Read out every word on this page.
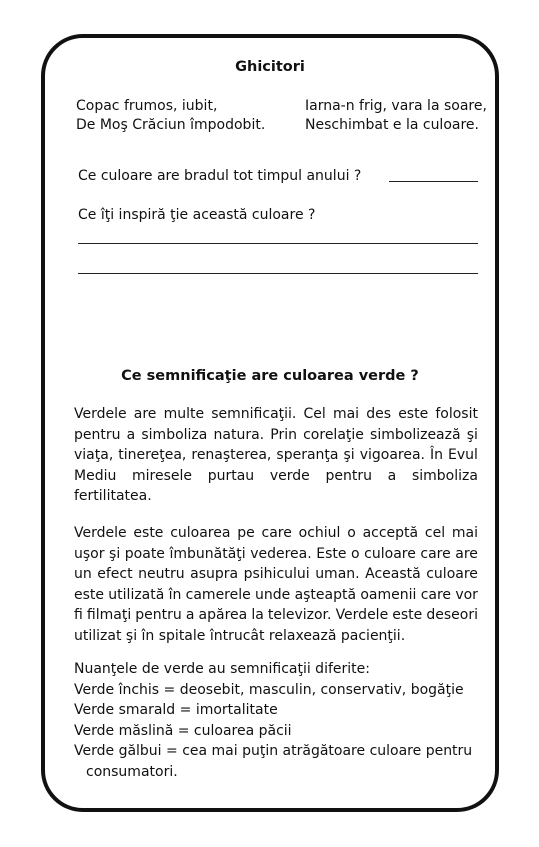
Ghicitori
Copac frumos, iubit,
De Moş Crăciun împodobit.
Iarna-n frig, vara la soare,
Neschimbat e la culoare.
Ce culoare are bradul tot timpul anului ?
Ce îţi inspiră ţie această culoare ?
Ce semnificaţie are culoarea verde ?
Verdele are multe semnificaţii. Cel mai des este folosit
pentru a simboliza natura. Prin corelaţie simbolizează şi
viaţa, tinereţea, renaşterea, speranţa şi vigoarea. În Evul
Mediu miresele purtau verde pentru a simboliza
fertilitatea.
Verdele este culoarea pe care ochiul o acceptă cel mai
uşor şi poate îmbunătăţi vederea. Este o culoare care are
un efect neutru asupra psihicului uman. Această culoare
este utilizată în camerele unde aşteaptă oamenii care vor
fi filmaţi pentru a apărea la televizor. Verdele este deseori
utilizat şi în spitale întrucât relaxează pacienţii.
Nuanţele de verde au semnificaţii diferite:
Verde închis = deosebit, masculin, conservativ, bogăţie
Verde smarald = imortalitate
Verde măslină = culoarea păcii
Verde gălbui = cea mai puţin atrăgătoare culoare pentru
consumatori.
